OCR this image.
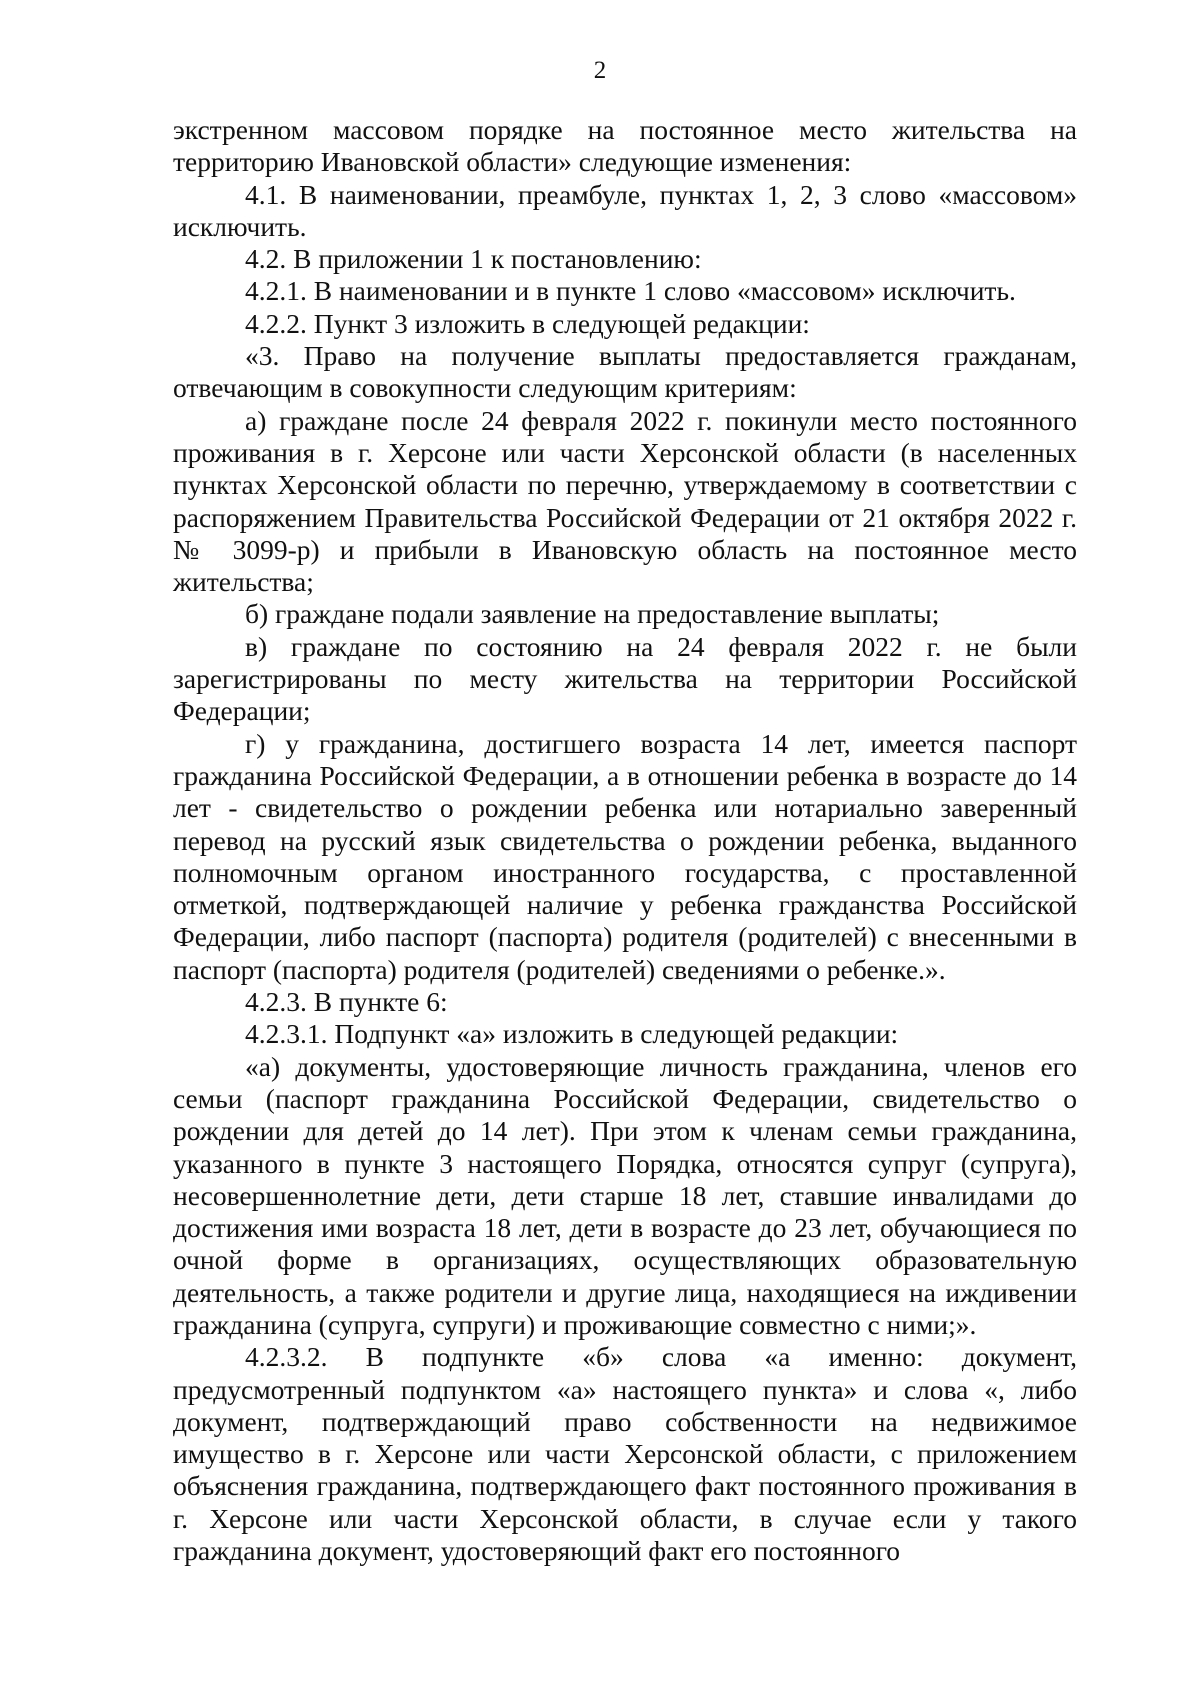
2

экстренном массовом порядке на постоянное место жительства на территорию Ивановской области» следующие изменения:

4.1. В наименовании, преамбуле, пунктах 1, 2, 3 слово «массовом» исключить.

4.2. В приложении 1 к постановлению:

4.2.1. В наименовании и в пункте 1 слово «массовом» исключить.

4.2.2. Пункт 3 изложить в следующей редакции:

«3. Право на получение выплаты предоставляется гражданам, отвечающим в совокупности следующим критериям:

а) граждане после 24 февраля 2022 г. покинули место постоянного проживания в г. Херсоне или части Херсонской области (в населенных пунктах Херсонской области по перечню, утверждаемому в соответствии с распоряжением Правительства Российской Федерации от 21 октября 2022 г. № 3099-р) и прибыли в Ивановскую область на постоянное место жительства;

б) граждане подали заявление на предоставление выплаты;

в) граждане по состоянию на 24 февраля 2022 г. не были зарегистрированы по месту жительства на территории Российской Федерации;

г) у гражданина, достигшего возраста 14 лет, имеется паспорт гражданина Российской Федерации, а в отношении ребенка в возрасте до 14 лет - свидетельство о рождении ребенка или нотариально заверенный перевод на русский язык свидетельства о рождении ребенка, выданного полномочным органом иностранного государства, с проставленной отметкой, подтверждающей наличие у ребенка гражданства Российской Федерации, либо паспорт (паспорта) родителя (родителей) с внесенными в паспорт (паспорта) родителя (родителей) сведениями о ребенке.».

4.2.3. В пункте 6:

4.2.3.1. Подпункт «а» изложить в следующей редакции:

«а) документы, удостоверяющие личность гражданина, членов его семьи (паспорт гражданина Российской Федерации, свидетельство о рождении для детей до 14 лет). При этом к членам семьи гражданина, указанного в пункте 3 настоящего Порядка, относятся супруг (супруга), несовершеннолетние дети, дети старше 18 лет, ставшие инвалидами до достижения ими возраста 18 лет, дети в возрасте до 23 лет, обучающиеся по очной форме в организациях, осуществляющих образовательную деятельность, а также родители и другие лица, находящиеся на иждивении гражданина (супруга, супруги) и проживающие совместно с ними;».

4.2.3.2. В подпункте «б» слова «а именно: документ, предусмотренный подпунктом «а» настоящего пункта» и слова «, либо документ, подтверждающий право собственности на недвижимое имущество в г. Херсоне или части Херсонской области, с приложением объяснения гражданина, подтверждающего факт постоянного проживания в г. Херсоне или части Херсонской области, в случае если у такого гражданина документ, удостоверяющий факт его постоянного
